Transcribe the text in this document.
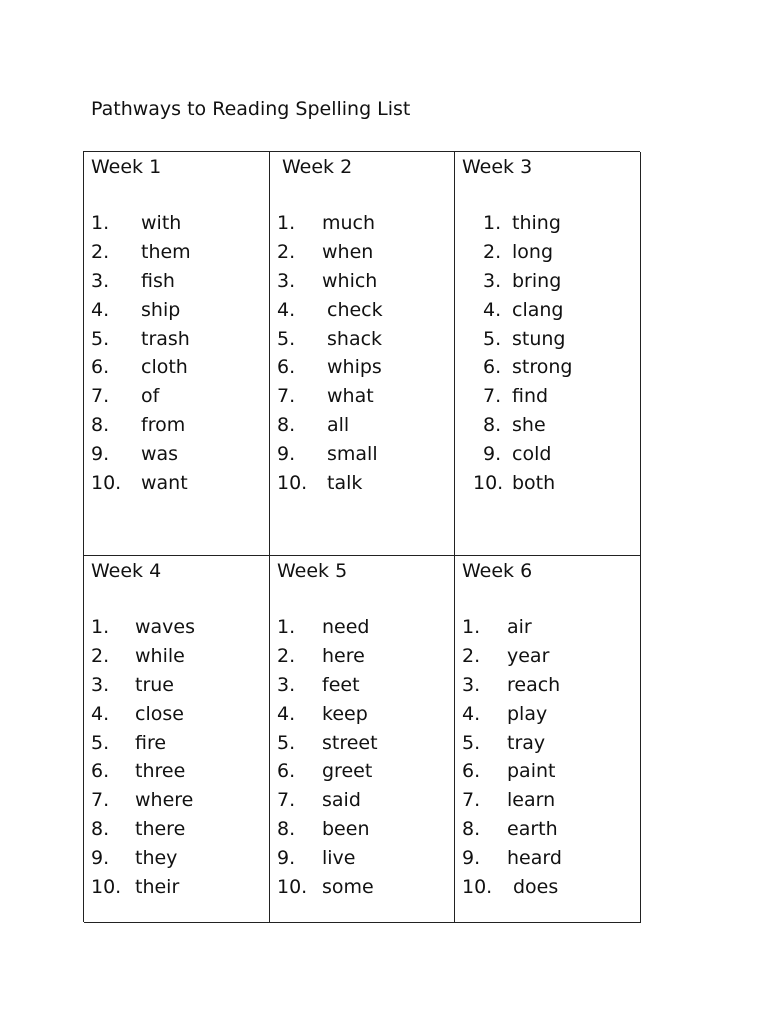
Pathways to Reading Spelling List
Week 1
1. with
2. them
3. fish
4. ship
5. trash
6. cloth
7. of
8. from
9. was
10. want
Week 2
1. much
2. when
3. which
4. check
5. shack
6. whips
7. what
8. all
9. small
10. talk
Week 3
1. thing
2. long
3. bring
4. clang
5. stung
6. strong
7. find
8. she
9. cold
10. both
Week 4
1. waves
2. while
3. true
4. close
5. fire
6. three
7. where
8. there
9. they
10. their
Week 5
1. need
2. here
3. feet
4. keep
5. street
6. greet
7. said
8. been
9. live
10. some
Week 6
1. air
2. year
3. reach
4. play
5. tray
6. paint
7. learn
8. earth
9. heard
10. does
